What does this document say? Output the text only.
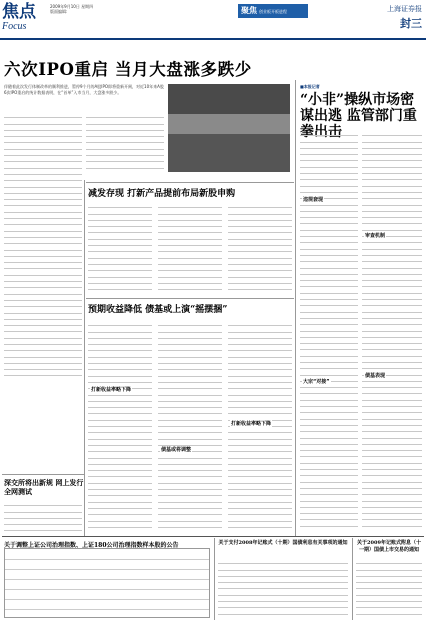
焦点
Focus
2009年9月10日 星期四
版面编辑:	聚焦 创业板开板进程	上海证券报
封三
六次IPO重启 当月大盘涨多跌少
伴随着此次发行体制改革的顺利推进，暂停9个月的A股IPO即将重新开闸，对近10年来A股6次IPO重启的统计数据表明，在“首单”入市当月，大盘涨多跌少。
减发存现 打新产品提前布局新股申购
预期收益降低 债基或上演“摇摆捆”
打新收益率略下降
债基或将调整
打新收益率略下降
深交所将出新规 网上发行全网测试
■本报记者
“小非”操纵市场密谋出逃 监管部门重拳出击
违规套现
大宗“对接”
审查机制
债基表现
关于调整上证公司治理指数、上证180公司治理指数样本股的公告	关于支付2008年记账式（十期）国债利息有关事项的通知 关于2009年记账式附息（十一期）国债上市交易的通知
